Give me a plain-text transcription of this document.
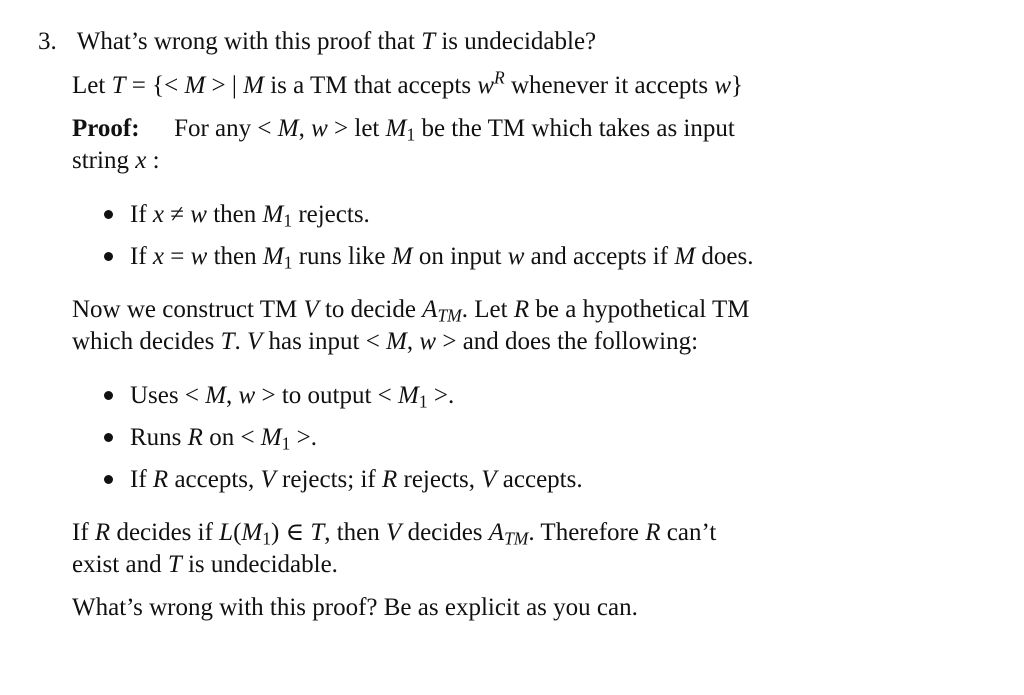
3.  What’s wrong with this proof that T is undecidable?
Let T = {< M > | M is a TM that accepts $w^R$ whenever it accepts w}
Proof:  For any < M, w > let $M_1$ be the TM which takes as input
string x :
If x ≠ w then $M_1$ rejects.
If x = w then $M_1$ runs like M on input w and accepts if M does.
Now we construct TM V to decide $A_{TM}$. Let R be a hypothetical TM
which decides T. V has input < M, w > and does the following:
Uses < M, w > to output < $M_1$ >.
Runs R on < $M_1$ >.
If R accepts, V rejects; if R rejects, V accepts.
If R decides if $L(M_1)$ ∈ T, then V decides $A_{TM}$. Therefore R can’t
exist and T is undecidable.
What’s wrong with this proof? Be as explicit as you can.
